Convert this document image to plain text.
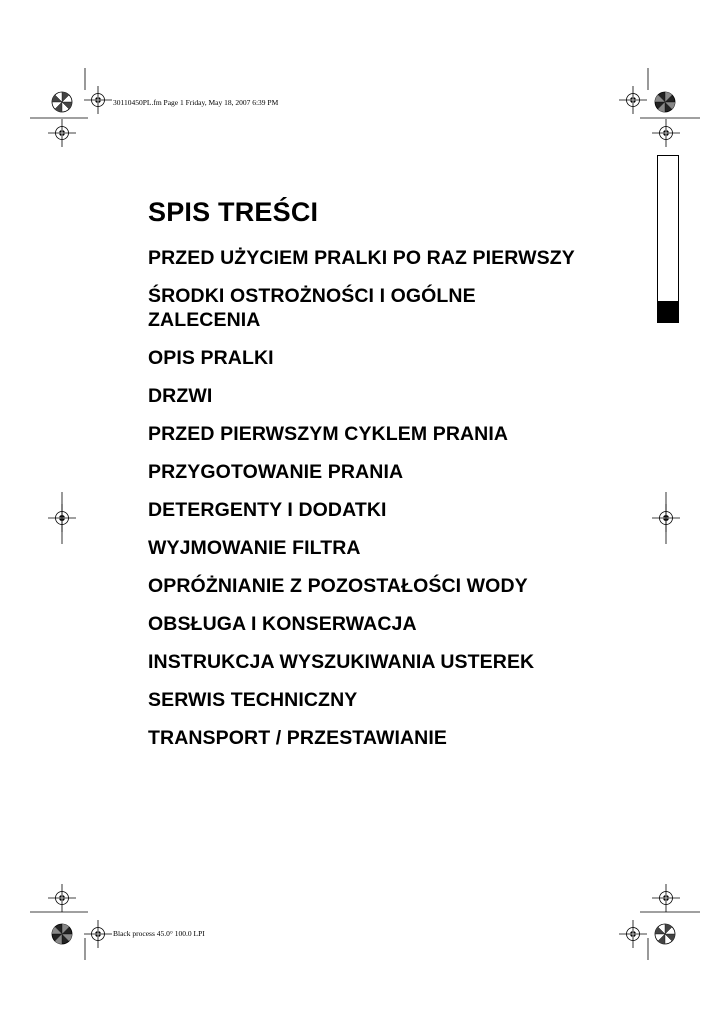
30110450PL.fm Page 1 Friday, May 18, 2007 6:39 PM
Black process 45.0° 100.0 LPI
SPIS TREŚCI
PRZED UŻYCIEM PRALKI PO RAZ PIERWSZY
ŚRODKI OSTROŻNOŚCI I OGÓLNE ZALECENIA
OPIS PRALKI
DRZWI
PRZED PIERWSZYM CYKLEM PRANIA
PRZYGOTOWANIE PRANIA
DETERGENTY I DODATKI
WYJMOWANIE FILTRA
OPRÓŻNIANIE Z POZOSTAŁOŚCI WODY
OBSŁUGA I KONSERWACJA
INSTRUKCJA WYSZUKIWANIA USTEREK
SERWIS TECHNICZNY
TRANSPORT / PRZESTAWIANIE
